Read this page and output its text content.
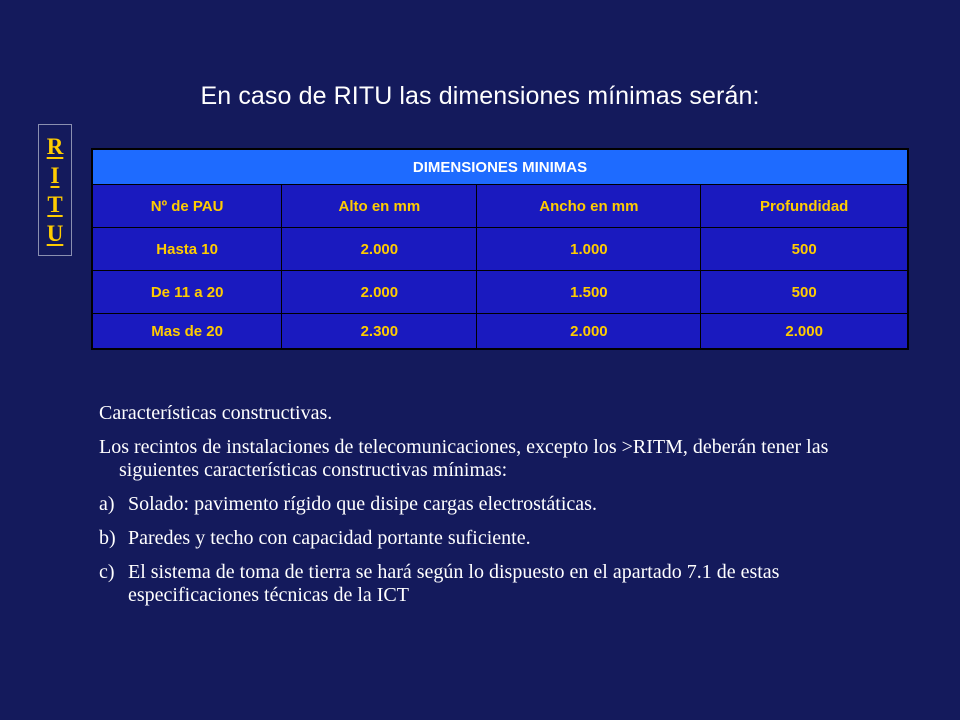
En caso de RITU las dimensiones mínimas serán:
R
I
T
U
DIMENSIONES MINIMAS			
Nº de PAU	Alto en mm	Ancho en mm	Profundidad
Hasta 10	2.000	1.000	500
De 11 a 20	2.000	1.500	500
Mas de 20	2.300	2.000	2.000

Características constructivas.

Los recintos de instalaciones de telecomunicaciones, excepto los >RITM, deberán tener las siguientes características constructivas mínimas:

a) Solado: pavimento rígido que disipe cargas electrostáticas.
b) Paredes y techo con capacidad portante suficiente.
c) El sistema de toma de tierra se hará según lo dispuesto en el apartado 7.1 de estas especificaciones técnicas de la ICT
